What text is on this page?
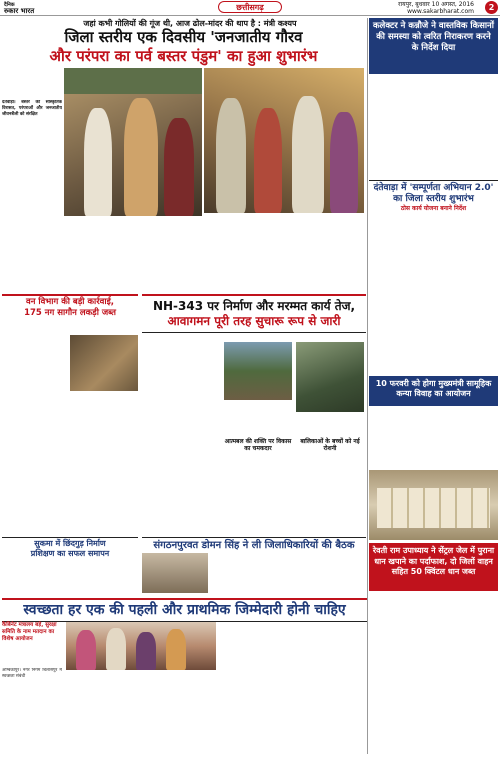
दैनिक
रुकार भारत	छत्तीसगढ़	रायपुर, बुधवार 10 अगस्त, 2016
www.sakarbharat.com	2
जहां कभी गोलियों की गूंज थी, आज ढोल-मांदर की थाप है : मंत्री कश्यप
जिला स्तरीय एक दिवसीय 'जनजातीय गौरव
और परंपरा का पर्व बस्तर पंडुम' का हुआ शुभारंभ
दंतेवाड़ा। बस्तर की सांस्कृतिक विरासत, परंपराओं और जनजातीय जीवनशैली को संरक्षित
कलेक्टर ने कन्नौजे ने वास्तविक किसानों की समस्या को त्वरित निराकरण करने के निर्देश दिया
दंतेवाड़ा में 'सम्पूर्णता अभियान 2.0' का जिला स्तरीय शुभारंभ
ठोस कार्य योजना बनाने निर्देश
10 फरवरी को होगा मुख्यमंत्री सामूहिक कन्या विवाह का आयोजन
रेवती राम उपाध्याय ने सेंट्रल जेल में पुराना धान खपाने का पर्दाफाश, दो जिलों वाहन सहित 50 क्विंटल धान जब्त
वन विभाग की बड़ी कार्रवाई,
175 नग सागौन लकड़ी जब्त	NH-343 पर निर्माण और मरम्मत कार्य तेज,
आवागमन पूरी तरह सुचारू रूप से जारी
आत्मबल की शक्ति पर विकास का चमकदार
बालिकाओं के बच्चों को नई रोशनी
सुकमा में छिंदगुड़ निर्माण
प्रशिक्षण का सफल समापन
संगठनपुरवत डोमन सिंह ने ली जिलाधिकारियों की बैठक
स्वच्छता हर एक की पहली और प्राथमिक जिम्मेदारी होनी चाहिए
कैबिनेट मंत्रालय बड़े, सुरक्षा समिति के नाम मतदान का विशेष आयोजन
अम्बिकापुर। नगर निगम बिलासपुर में स्वच्छता संबंधी
